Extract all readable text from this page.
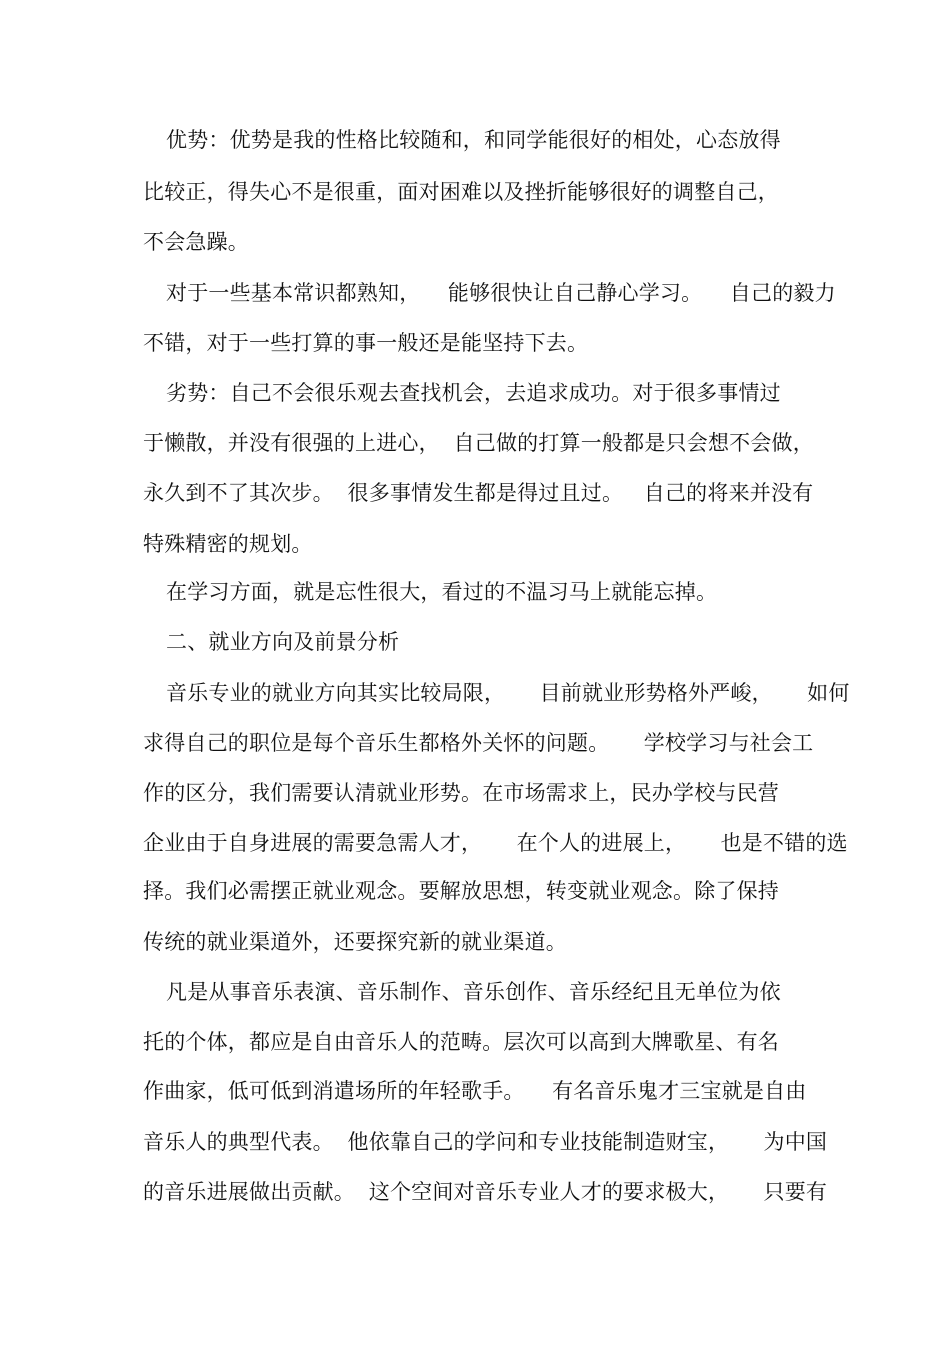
优势：优势是我的性格比较随和，和同学能很好的相处，心态放得
比较正，得失心不是很重，面对困难以及挫折能够很好的调整自己，
不会急躁。
对于一些基本常识都熟知，    能够很快让自己静心学习。    自己的毅力
不错，对于一些打算的事一般还是能坚持下去。
劣势：自己不会很乐观去查找机会，去追求成功。对于很多事情过
于懒散，并没有很强的上进心，  自己做的打算一般都是只会想不会做，
永久到不了其次步。  很多事情发生都是得过且过。   自己的将来并没有
特殊精密的规划。
在学习方面，就是忘性很大，看过的不温习马上就能忘掉。
二、就业方向及前景分析
音乐专业的就业方向其实比较局限，     目前就业形势格外严峻，     如何
求得自己的职位是每个音乐生都格外关怀的问题。     学校学习与社会工
作的区分，我们需要认清就业形势。在市场需求上，民办学校与民营
企业由于自身进展的需要急需人才，     在个人的进展上，     也是不错的选
择。我们必需摆正就业观念。要解放思想，转变就业观念。除了保持
传统的就业渠道外，还要探究新的就业渠道。
凡是从事音乐表演、音乐制作、音乐创作、音乐经纪且无单位为依
托的个体，都应是自由音乐人的范畴。层次可以高到大牌歌星、有名
作曲家，低可低到消遣场所的年轻歌手。    有名音乐鬼才三宝就是自由
音乐人的典型代表。  他依靠自己的学问和专业技能制造财宝，     为中国
的音乐进展做出贡献。  这个空间对音乐专业人才的要求极大，     只要有
